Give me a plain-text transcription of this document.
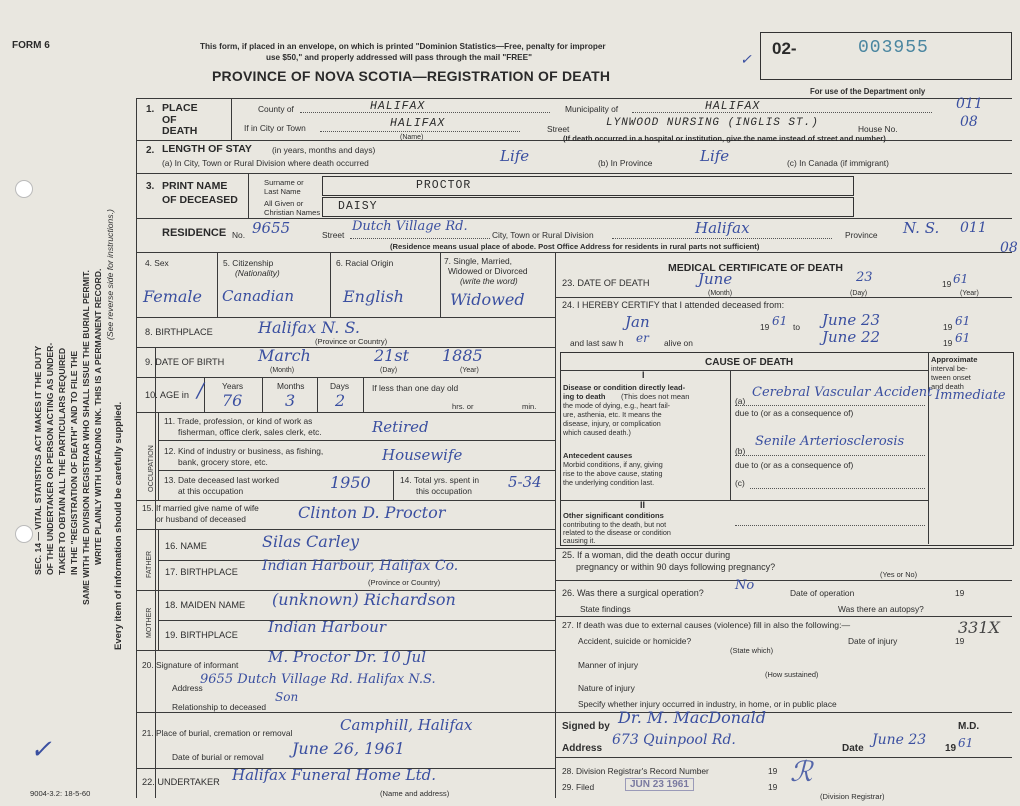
FORM 6	This form, if placed in an envelope, on which is printed "Dominion Statistics—Free, penalty for improper
use $50," and properly addressed will pass through the mail "FREE"
PROVINCE OF NOVA SCOTIA—REGISTRATION OF DEATH
02-	003955
For use of the Department only
✓
SEC. 14 — VITAL STATISTICS ACT MAKES IT THE DUTY OF THE UNDERTAKER OR PERSON ACTING AS UNDER- TAKER TO OBTAIN ALL THE PARTICULARS REQUIRED IN THE "REGISTRATION OF DEATH" AND TO FILE THE SAME WITH THE DIVISION REGISTRAR WHO SHALL ISSUE THE BURIAL PERMIT. WRITE PLAINLY WITH UNFADING INK. THIS IS A PERMANENT RECORD. (See reverse side for instructions.)
Every item of information should be carefully supplied.
✓
1. PLACE
OF
DEATH
County of	HALIFAX	Municipality of	HALIFAX	011
If in City or Town	HALIFAX
(Name)
Street	LYNWOOD NURSING (INGLIS ST.)	House No.	08
(If death occurred in a hospital or institution, give the name instead of street and number)
2. LENGTH OF STAY (in years, months and days)
(a) In City, Town or Rural Division where death occurred	Life	(b) In Province	Life	(c) In Canada (if immigrant)
3. PRINT NAME
OF DECEASED
Surname or
Last Name	PROCTOR
All Given or
Christian Names DAISY
RESIDENCE No. 9655	Street
Dutch Village Rd.
City, Town or Rural Division	Halifax	Province N. S. 011
08
(Residence means usual place of abode. Post Office Address for residents in rural parts not sufficient)
4. Sex
Female
5. Citizenship
(Nationality)
Canadian
6. Racial Origin
English
7. Single, Married,
Widowed or Divorced
(write the word)
Widowed
8. BIRTHPLACE	Halifax N. S.
(Province or Country)
9. DATE OF BIRTH March	21st 1885
(Month)	(Day)	(Year)
10. AGE in
Years	Months	Days
76	3 2
If less than one day old
hrs. or	min.
/
OCCUPATION
11. Trade, profession, or kind of work as
fisherman, office clerk, sales clerk, etc.	Retired
12. Kind of industry or business, as fishing,
bank, grocery store, etc.	Housewife
13. Date deceased last worked
at this occupation	1950	14. Total yrs. spent in
this occupation 5-34
15. If married give name of wife
or husband of deceased	Clinton D. Proctor
FATHER
MOTHER
16. NAME	Silas Carley
17. BIRTHPLACE Indian Harbour, Halifax Co.
(Province or Country)
18. MAIDEN NAME (unknown) Richardson
19. BIRTHPLACE Indian Harbour
20. Signature of informant M. Proctor Dr. 10 Jul
Address
9655 Dutch Village Rd. Halifax N.S.
Son
Relationship to deceased
21. Place of burial, cremation or removal	Camphill, Halifax
Date of burial or removal June 26, 1961
22. UNDERTAKER Halifax Funeral Home Ltd.
(Name and address)
MEDICAL CERTIFICATE OF DEATH
23. DATE OF DEATH	June	23	19 61
(Month)	(Day)	(Year)
24. I HEREBY CERTIFY that I attended deceased from:
Jan	19 61 to June 23	19 61
and last saw h er alive on	June 22	19 61
CAUSE OF DEATH	Approximate
interval be-
tween onset
and death
I
Disease or condition directly lead-
ing to death (This does not mean
the mode of dying, e.g., heart fail-
ure, asthenia, etc. It means the
disease, injury, or complication
which caused death.)
(a)
Cerebral Vascular Accident Immediate
due to (or as a consequence of)
Antecedent causes
Morbid conditions, if any, giving
rise to the above cause, stating
the underlying condition last.
(b)
Senile Arteriosclerosis
due to (or as a consequence of)
(c)
II
Other significant conditions
contributing to the death, but not
related to the disease or condition
causing it.
25. If a woman, did the death occur during
pregnancy or within 90 days following pregnancy?
(Yes or No)
26. Was there a surgical operation? No	Date of operation	19
State findings	Was there an autopsy?
27. If death was due to external causes (violence) fill in also the following:—	331X
Accident, suicide or homicide?	Date of injury	19
(State which)
Manner of injury
(How sustained)
Nature of injury
Specify whether injury occurred in industry, in home, or in public place
Signed by Dr. M. MacDonald	M.D.
Address
673 Quinpool Rd.
Date
June 23
19 61
28. Division Registrar's Record Number	19
29. Filed	JUN 23 1961	19
(Division Registrar)
ℛ
9004-3.2: 18-5-60
